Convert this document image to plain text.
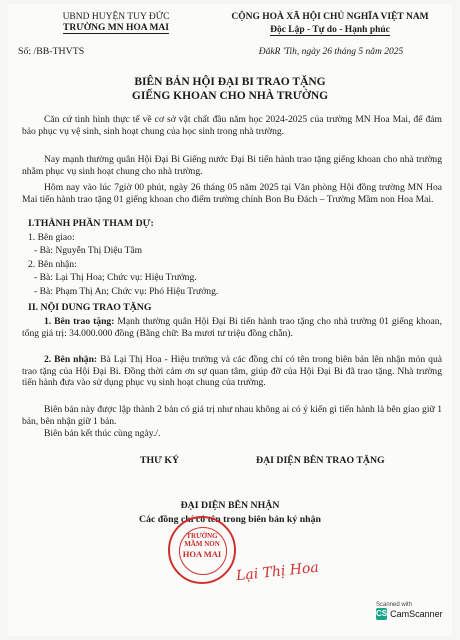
UBND HUYỆN TUY ĐỨC
TRƯỜNG MN HOA MAI
Số: /BB-THVTS
CỘNG HOÀ XÃ HỘI CHỦ NGHĨA VIỆT NAM
Độc Lập - Tự do - Hạnh phúc
ĐăkR 'Tih, ngày 26 tháng 5 năm 2025
BIÊN BẢN HỘI ĐẠI BI TRAO TẶNG
GIẾNG KHOAN CHO NHÀ TRƯỜNG
Căn cứ tình hình thực tế về cơ sở vật chất đầu năm học 2024-2025 của trường MN Hoa Mai, để đảm bảo phục vụ vệ sinh, sinh hoạt chung của học sinh trong nhà trường.
Nay mạnh thường quân Hội Đại Bi Giếng nước Đại Bi tiến hành trao tặng giếng khoan cho nhà trường nhằm phục vụ sinh hoạt chung cho nhà trường.
Hôm nay vào lúc 7giờ 00 phút, ngày 26 tháng 05 năm 2025 tại Văn phòng Hội đồng trường MN Hoa Mai tiến hành trao tặng 01 giếng khoan cho điểm trường chính Bon Bu Đách – Trường Mầm non Hoa Mai.
I.THÀNH PHẦN THAM DỰ:
1. Bên giao:
- Bà: Nguyễn Thị Diệu Tâm
2. Bên nhận:
- Bà: Lại Thị Hoa; Chức vụ: Hiệu Trưởng.
- Bà: Phạm Thị An; Chức vụ: Phó Hiệu Trưởng.
II. NỘI DUNG TRAO TẶNG
1. Bên trao tặng: Mạnh thường quân Hội Đại Bi tiến hành trao tặng cho nhà trường 01 giếng khoan, tổng giá trị: 34.000.000 đồng (Bằng chữ: Ba mươi tư triệu đồng chẵn).
2. Bên nhận: Bà Lại Thị Hoa - Hiệu trưởng và các đồng chí có tên trong biên bản lên nhận món quà trao tặng của Hội Đại Bi. Đồng thời cảm ơn sự quan tâm, giúp đỡ của Hội Đại Bi đã trao tặng. Nhà trường tiến hành đưa vào sử dụng phục vụ sinh hoạt chung của trường.
Biên bản này được lập thành 2 bản có giá trị như nhau không ai có ý kiến gì tiến hành là bên giao giữ 1 bản, bên nhận giữ 1 bản.
Biên bản kết thúc cùng ngày./.
THƯ KÝ	ĐẠI DIỆN BÊN TRAO TẶNG
ĐẠI DIỆN BÊN NHẬN
Các đồng chí có tên trong biên bản ký nhận
TRƯỜNG
MẦM NON
HOA MAI
Lại Thị Hoa
Scanned with
CS CamScanner
